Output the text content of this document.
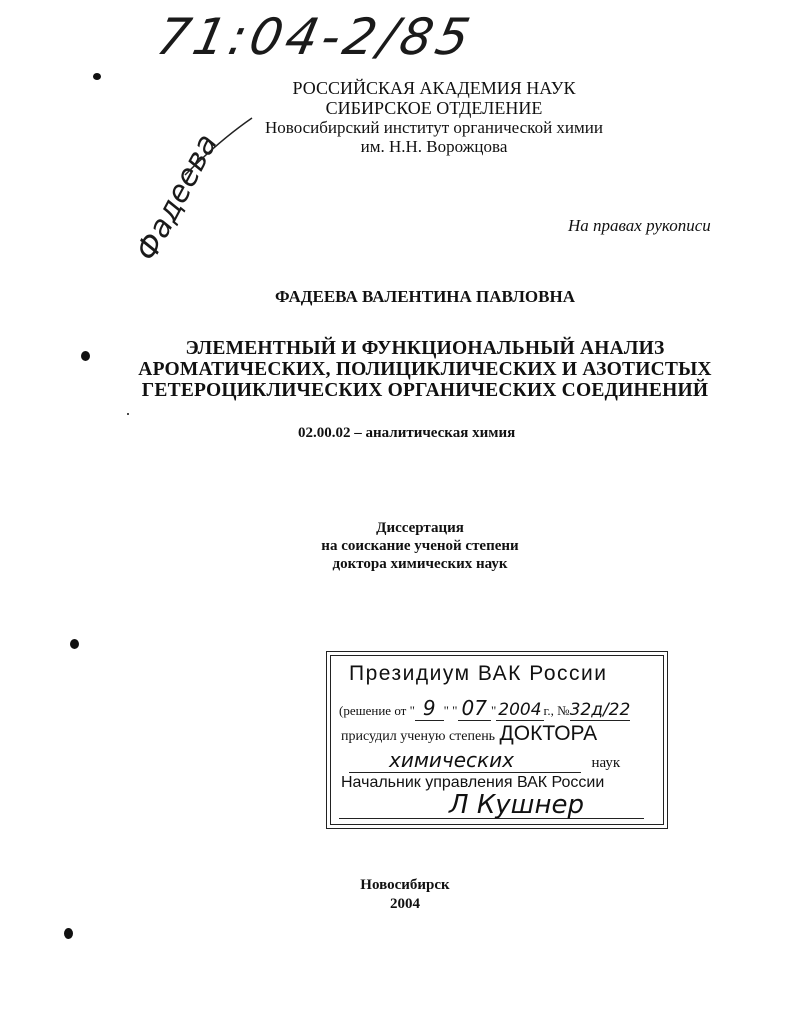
71:04-2/85
РОССИЙСКАЯ АКАДЕМИЯ НАУК
СИБИРСКОЕ ОТДЕЛЕНИЕ
Новосибирский институт органической химии
им. Н.Н. Ворожцова
Фадеева	На правах рукописи
ФАДЕЕВА ВАЛЕНТИНА ПАВЛОВНА
ЭЛЕМЕНТНЫЙ И ФУНКЦИОНАЛЬНЫЙ АНАЛИЗ
АРОМАТИЧЕСКИХ, ПОЛИЦИКЛИЧЕСКИХ И АЗОТИСТЫХ
ГЕТЕРОЦИКЛИЧЕСКИХ ОРГАНИЧЕСКИХ СОЕДИНЕНИЙ
02.00.02 – аналитическая химия
Диссертация
на соискание ученой степени
доктора химических наук
Президиум ВАК России
(решение от " 9 " " 07 " 2004 г., №32д/22
присудил ученую степень ДОКТОРА
химических	наук
Начальник управления ВАК России
Л Кушнер
Новосибирск
2004
